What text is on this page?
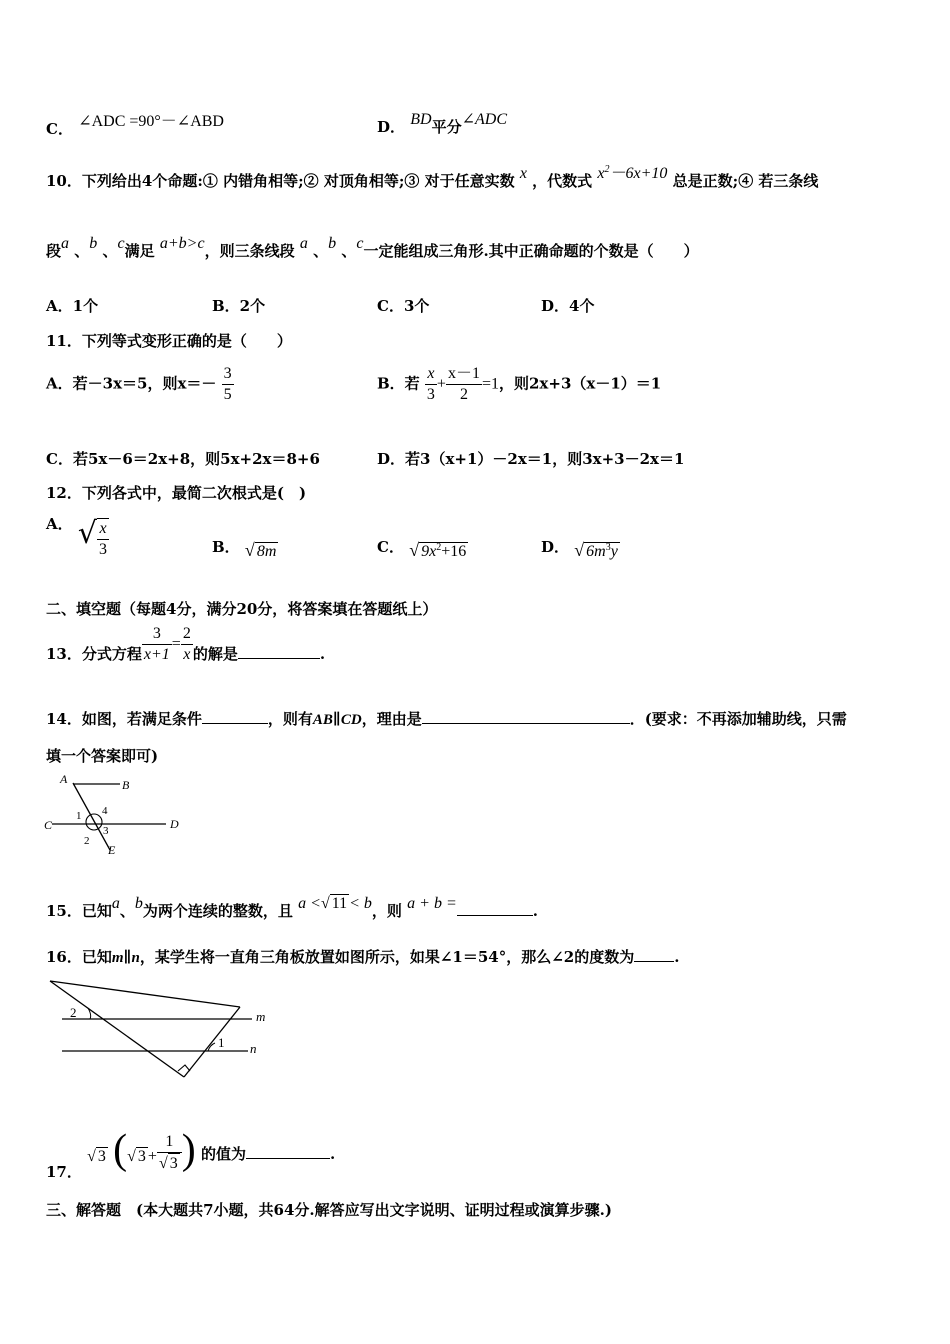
C． ∠ADC =90°－∠ABD	D． BD平分∠ADC
10．下列给出4个命题:① 内错角相等;② 对顶角相等;③ 对于任意实数 x ，代数式 $x^2-6x+10$ 总是正数;④ 若三条线
段a 、b 、c满足 a+b>c，则三条线段 a 、b 、c一定能组成三角形.其中正确命题的个数是（　　）
A．1个	B．2个	C．3个	D．4个
11．下列等式变形正确的是（　　）
A．若－3x＝5，则$x=- \frac{3}{5}$	B．若 $\frac{x}{3} + \frac{x-1}{2} =1$，则2x+3（x－1）＝1
C．若5x－6＝2x+8，则5x+2x＝8+6	D．若3（x+1）－2x＝1，则3x+3－2x＝1
12．下列各式中，最简二次根式是(　)
A． √ $\frac{x}{3}$	B． √ 8m	C． √ $9x^2+16$	D． √ $6m^3y$
二、填空题（每题4分，满分20分，将答案填在答题纸上）
13．分式方程 $\frac{3}{x+1} = \frac{2}{x}$ 的解是	.
14．如图，若满足条件	，则有AB∥CD，理由是	．(要求：不再添加辅助线，只需
填一个答案即可)
A	B
C	D
E
1
2
3
4
15．已知a、b为两个连续的整数，且 a <√ 11 < b，则 a + b =	.
16．已知m∥n，某学生将一直角三角板放置如图所示，如果∠1＝54°，那么∠2的度数为	.
m
n
2
1
17． √ 3 (√ $3 + \frac{1}{√ 3}$ ) 的值为	.
三、解答题　(本大题共7小题，共64分.解答应写出文字说明、证明过程或演算步骤.)
